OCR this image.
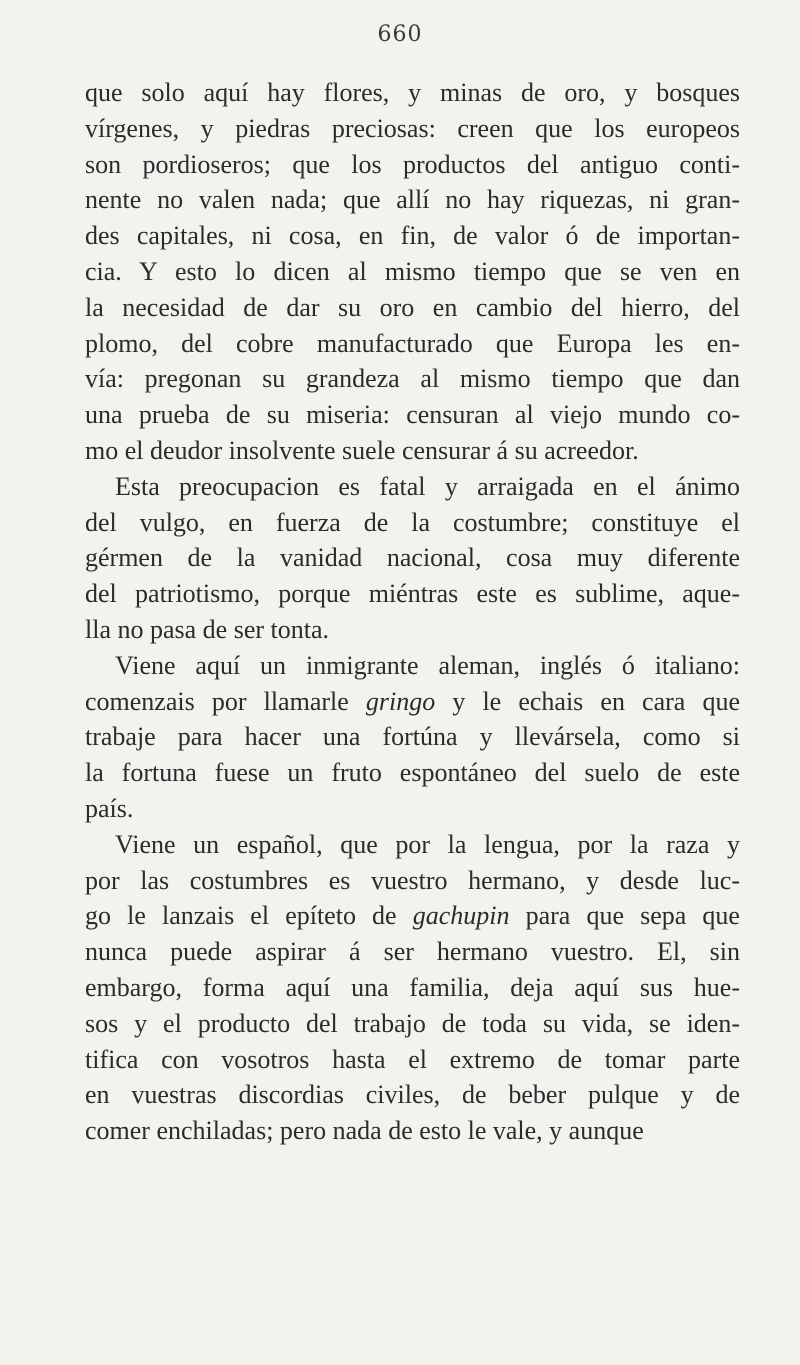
660
que solo aquí hay flores, y minas de oro, y bosques
vírgenes, y piedras preciosas: creen que los europeos
son pordioseros; que los productos del antiguo conti-
nente no valen nada; que allí no hay riquezas, ni gran-
des capitales, ni cosa, en fin, de valor ó de importan-
cia. Y esto lo dicen al mismo tiempo que se ven en
la necesidad de dar su oro en cambio del hierro, del
plomo, del cobre manufacturado que Europa les en-
vía: pregonan su grandeza al mismo tiempo que dan
una prueba de su miseria: censuran al viejo mundo co-
mo el deudor insolvente suele censurar á su acreedor.
Esta preocupacion es fatal y arraigada en el ánimo
del vulgo, en fuerza de la costumbre; constituye el
gérmen de la vanidad nacional, cosa muy diferente
del patriotismo, porque miéntras este es sublime, aque-
lla no pasa de ser tonta.
Viene aquí un inmigrante aleman, inglés ó italiano:
comenzais por llamarle gringo y le echais en cara que
trabaje para hacer una fortúna y llevársela, como si
la fortuna fuese un fruto espontáneo del suelo de este
país.
Viene un español, que por la lengua, por la raza y
por las costumbres es vuestro hermano, y desde luc-
go le lanzais el epíteto de gachupin para que sepa que
nunca puede aspirar á ser hermano vuestro. El, sin
embargo, forma aquí una familia, deja aquí sus hue-
sos y el producto del trabajo de toda su vida, se iden-
tifica con vosotros hasta el extremo de tomar parte
en vuestras discordias civiles, de beber pulque y de
comer enchiladas; pero nada de esto le vale, y aunque
